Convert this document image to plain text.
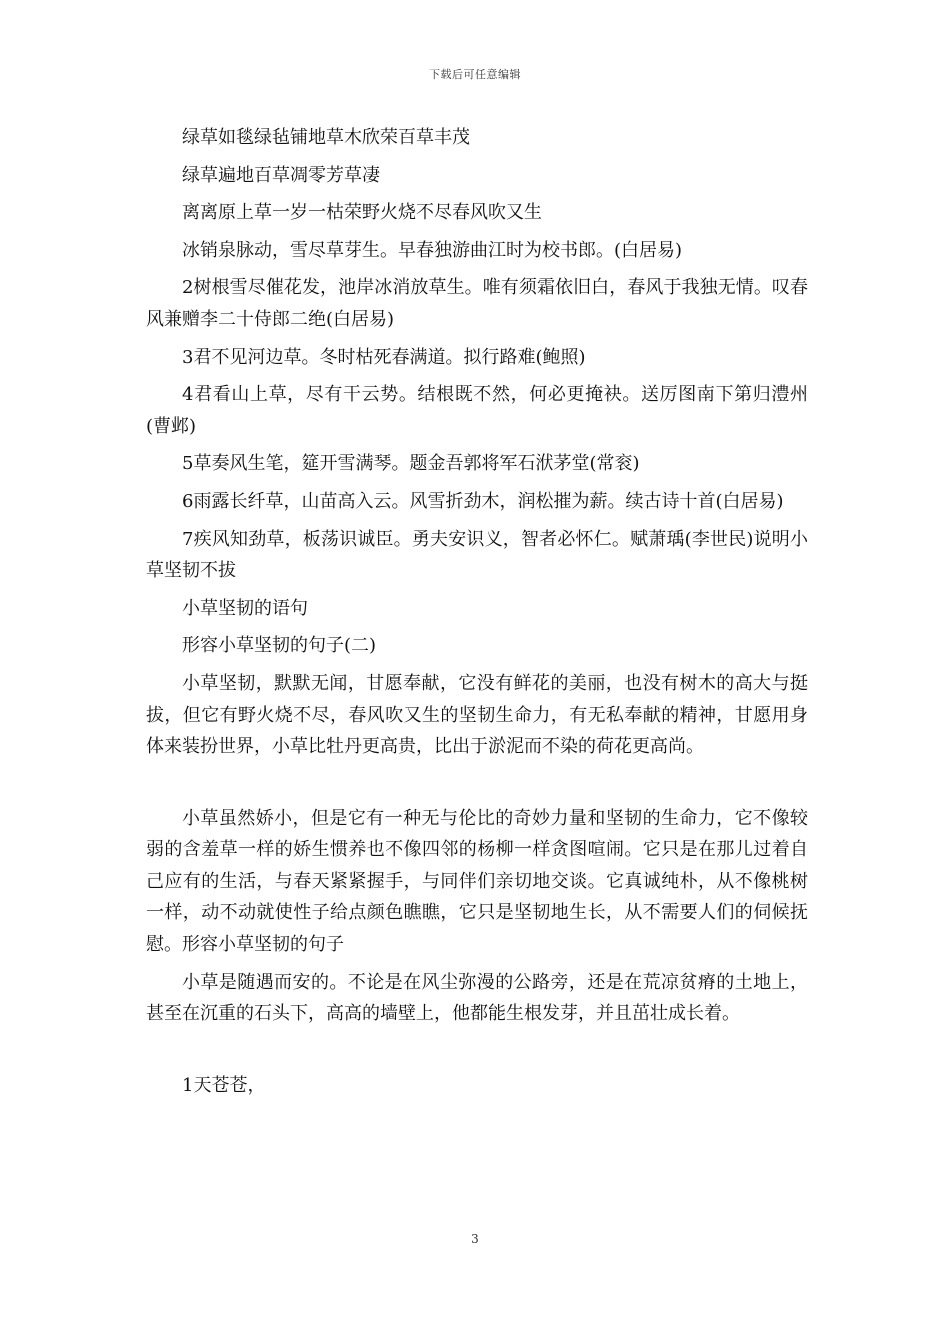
下载后可任意编辑

绿草如毯绿毡铺地草木欣荣百草丰茂

绿草遍地百草凋零芳草凄

离离原上草一岁一枯荣野火烧不尽春风吹又生

冰销泉脉动，雪尽草芽生。早春独游曲江时为校书郎。(白居易)

2树根雪尽催花发，池岸冰消放草生。唯有须霜依旧白，春风于我独无情。叹春风兼赠李二十侍郎二绝(白居易)

3君不见河边草。冬时枯死春满道。拟行路难(鲍照)

4君看山上草，尽有干云势。结根既不然，何必更掩袂。送厉图南下第归澧州(曹邺)

5草奏风生笔，筵开雪满琴。题金吾郭将军石洑茅堂(常衮)

6雨露长纤草，山苗高入云。风雪折劲木，润松摧为薪。续古诗十首(白居易)

7疾风知劲草，板荡识诚臣。勇夫安识义，智者必怀仁。赋萧瑀(李世民)说明小草坚韧不拔

小草坚韧的语句

形容小草坚韧的句子(二)

小草坚韧，默默无闻，甘愿奉献，它没有鲜花的美丽，也没有树木的高大与挺拔，但它有野火烧不尽，春风吹又生的坚韧生命力，有无私奉献的精神，甘愿用身体来装扮世界，小草比牡丹更高贵，比出于淤泥而不染的荷花更高尚。

小草虽然娇小，但是它有一种无与伦比的奇妙力量和坚韧的生命力，它不像较弱的含羞草一样的娇生惯养也不像四邻的杨柳一样贪图喧闹。它只是在那儿过着自己应有的生活，与春天紧紧握手，与同伴们亲切地交谈。它真诚纯朴，从不像桃树一样，动不动就使性子给点颜色瞧瞧，它只是坚韧地生长，从不需要人们的伺候抚慰。形容小草坚韧的句子

小草是随遇而安的。不论是在风尘弥漫的公路旁，还是在荒凉贫瘠的土地上，甚至在沉重的石头下，高高的墙壁上，他都能生根发芽，并且茁壮成长着。

1天苍苍，

3
